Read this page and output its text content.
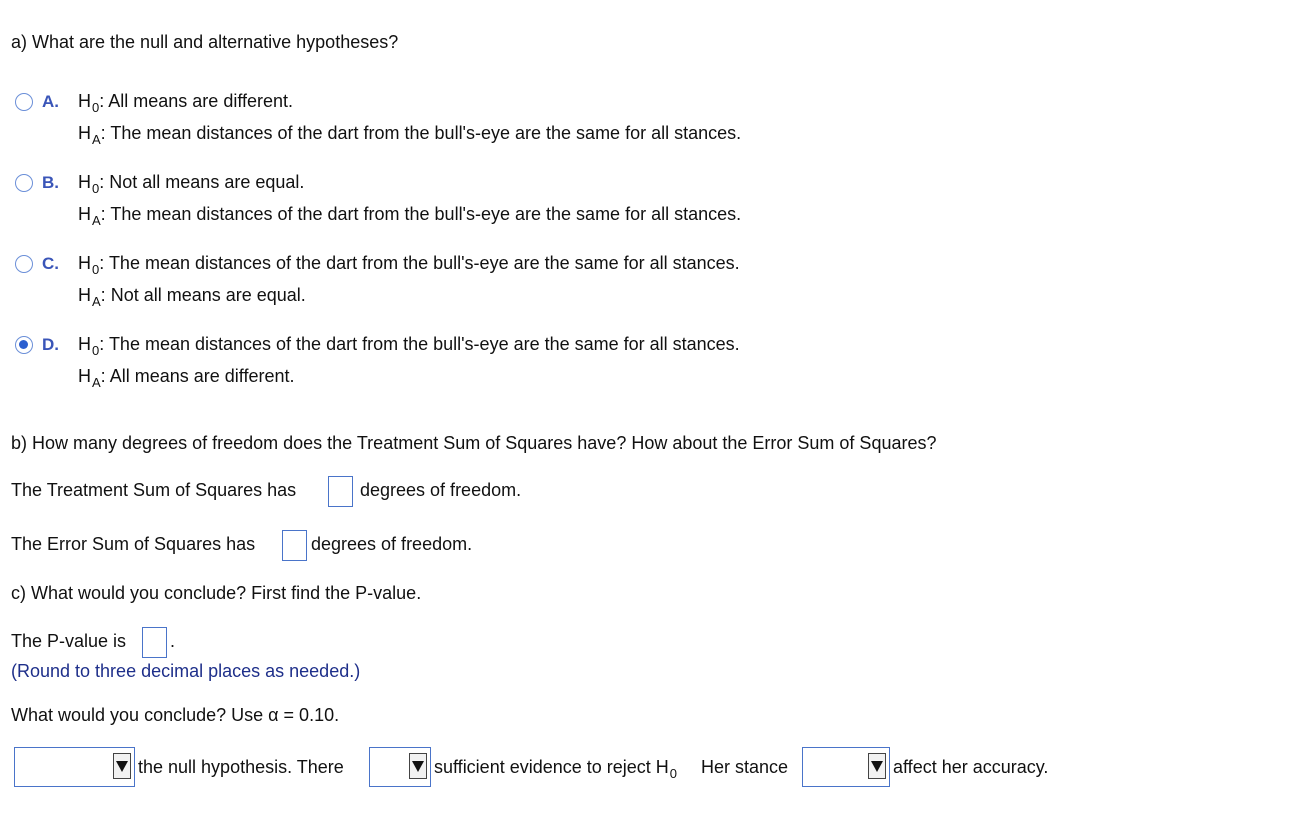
a) What are the null and alternative hypotheses?
A. $H_0$: All means are different.
$H_A$: The mean distances of the dart from the bull's-eye are the same for all stances.
B. $H_0$: Not all means are equal.
$H_A$: The mean distances of the dart from the bull's-eye are the same for all stances.
C. $H_0$: The mean distances of the dart from the bull's-eye are the same for all stances.
$H_A$: Not all means are equal.
D. $H_0$: The mean distances of the dart from the bull's-eye are the same for all stances.
$H_A$: All means are different.
b) How many degrees of freedom does the Treatment Sum of Squares have? How about the Error Sum of Squares?
The Treatment Sum of Squares has	degrees of freedom.
The Error Sum of Squares has	degrees of freedom.
c) What would you conclude? First find the P-value.
The P-value is .
(Round to three decimal places as needed.)
What would you conclude? Use α = 0.10.
the null hypothesis. There	sufficient evidence to reject $H_0$ Her stance	affect her accuracy.
